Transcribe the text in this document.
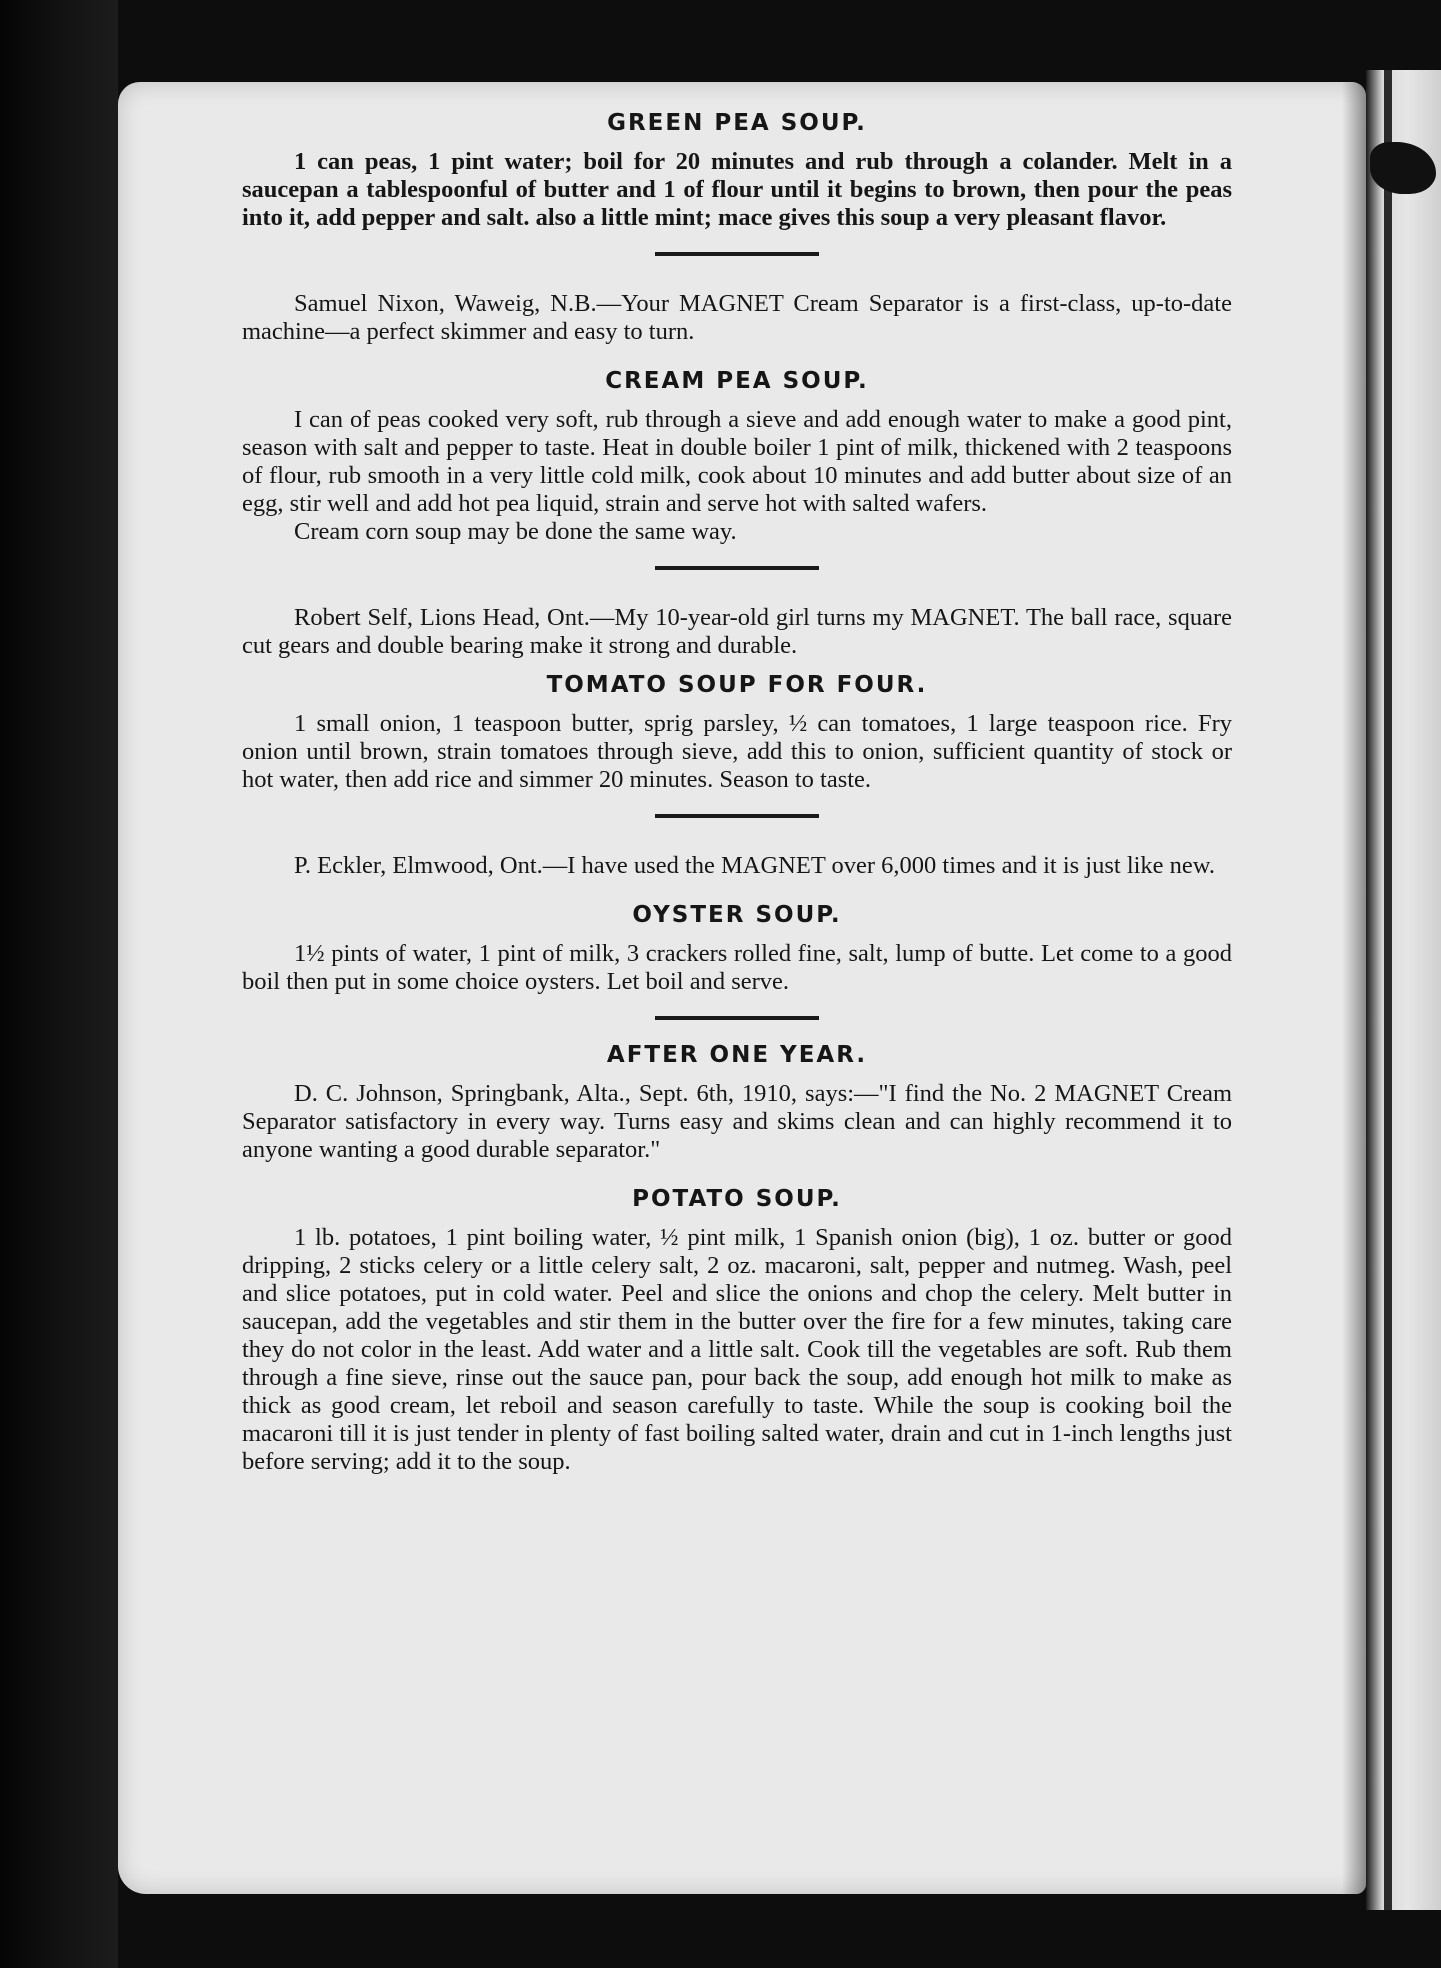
GREEN PEA SOUP.

1 can peas, 1 pint water; boil for 20 minutes and rub through a colander. Melt in a saucepan a tablespoonful of butter and 1 of flour until it begins to brown, then pour the peas into it, add pepper and salt. also a little mint; mace gives this soup a very pleasant flavor.

Samuel Nixon, Waweig, N.B.—Your MAGNET Cream Separator is a first-class, up-to-date machine—a perfect skimmer and easy to turn.

CREAM PEA SOUP.

I can of peas cooked very soft, rub through a sieve and add enough water to make a good pint, season with salt and pepper to taste. Heat in double boiler 1 pint of milk, thickened with 2 teaspoons of flour, rub smooth in a very little cold milk, cook about 10 minutes and add butter about size of an egg, stir well and add hot pea liquid, strain and serve hot with salted wafers.

Cream corn soup may be done the same way.

Robert Self, Lions Head, Ont.—My 10-year-old girl turns my MAGNET. The ball race, square cut gears and double bearing make it strong and durable.

TOMATO SOUP FOR FOUR.

1 small onion, 1 teaspoon butter, sprig parsley, ½ can tomatoes, 1 large teaspoon rice. Fry onion until brown, strain tomatoes through sieve, add this to onion, sufficient quantity of stock or hot water, then add rice and simmer 20 minutes. Season to taste.

P. Eckler, Elmwood, Ont.—I have used the MAGNET over 6,000 times and it is just like new.

OYSTER SOUP.

1½ pints of water, 1 pint of milk, 3 crackers rolled fine, salt, lump of butte. Let come to a good boil then put in some choice oysters. Let boil and serve.

AFTER ONE YEAR.

D. C. Johnson, Springbank, Alta., Sept. 6th, 1910, says:—"I find the No. 2 MAGNET Cream Separator satisfactory in every way. Turns easy and skims clean and can highly recommend it to anyone wanting a good durable separator."

POTATO SOUP.

1 lb. potatoes, 1 pint boiling water, ½ pint milk, 1 Spanish onion (big), 1 oz. butter or good dripping, 2 sticks celery or a little celery salt, 2 oz. macaroni, salt, pepper and nutmeg. Wash, peel and slice potatoes, put in cold water. Peel and slice the onions and chop the celery. Melt butter in saucepan, add the vegetables and stir them in the butter over the fire for a few minutes, taking care they do not color in the least. Add water and a little salt. Cook till the vegetables are soft. Rub them through a fine sieve, rinse out the sauce pan, pour back the soup, add enough hot milk to make as thick as good cream, let reboil and season carefully to taste. While the soup is cooking boil the macaroni till it is just tender in plenty of fast boiling salted water, drain and cut in 1-inch lengths just before serving; add it to the soup.
